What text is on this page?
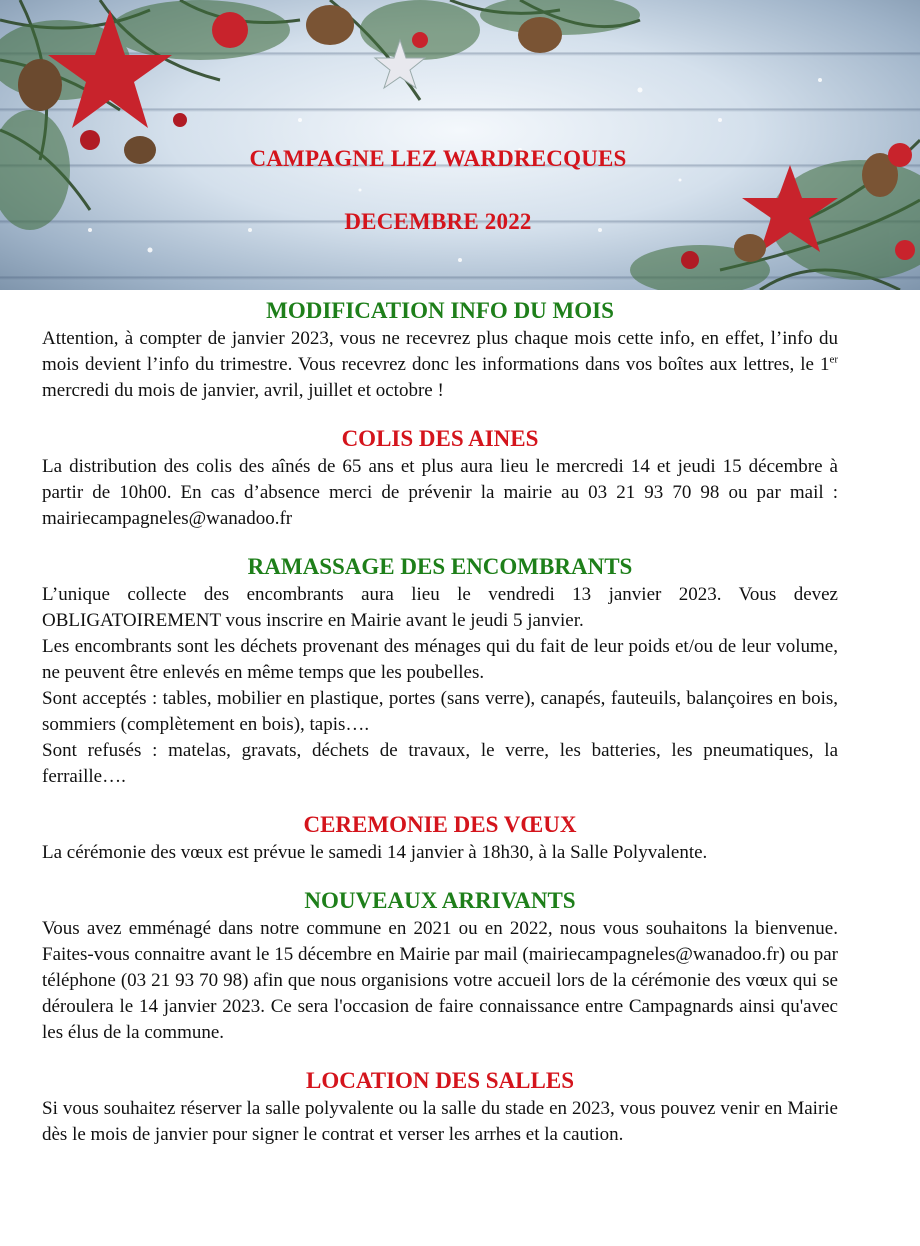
CAMPAGNE LEZ WARDRECQUES
DECEMBRE 2022
MODIFICATION INFO DU MOIS

Attention, à compter de janvier 2023, vous ne recevrez plus chaque mois cette info, en effet, l’info du mois devient l’info du trimestre. Vous recevrez donc les informations dans vos boîtes aux lettres, le 1er mercredi du mois de janvier, avril, juillet et octobre !

COLIS DES AINES

La distribution des colis des aînés de 65 ans et plus aura lieu le mercredi 14 et jeudi 15 décembre à partir de 10h00. En cas d’absence merci de prévenir la mairie au 03 21 93 70 98 ou par mail : mairiecampagneles@wanadoo.fr

RAMASSAGE DES ENCOMBRANTS

L’unique collecte des encombrants aura lieu le vendredi 13 janvier 2023. Vous devez OBLIGATOIREMENT vous inscrire en Mairie avant le jeudi 5 janvier.

Les encombrants sont les déchets provenant des ménages qui du fait de leur poids et/ou de leur volume, ne peuvent être enlevés en même temps que les poubelles.

Sont acceptés : tables, mobilier en plastique, portes (sans verre), canapés, fauteuils, balançoires en bois, sommiers (complètement en bois), tapis….

Sont refusés : matelas, gravats, déchets de travaux, le verre, les batteries, les pneumatiques, la ferraille….

CEREMONIE DES VŒUX

La cérémonie des vœux est prévue le samedi 14 janvier à 18h30, à la Salle Polyvalente.

NOUVEAUX ARRIVANTS

Vous avez emménagé dans notre commune en 2021 ou en 2022, nous vous souhaitons la bienvenue. Faites-vous connaitre avant le 15 décembre en Mairie par mail (mairiecampagneles@wanadoo.fr) ou par téléphone (03 21 93 70 98) afin que nous organisions votre accueil lors de la cérémonie des vœux qui se déroulera le 14 janvier 2023. Ce sera l'occasion de faire connaissance entre Campagnards ainsi qu'avec les élus de la commune.

LOCATION DES SALLES

Si vous souhaitez réserver la salle polyvalente ou la salle du stade en 2023, vous pouvez venir en Mairie dès le mois de janvier pour signer le contrat et verser les arrhes et la caution.
